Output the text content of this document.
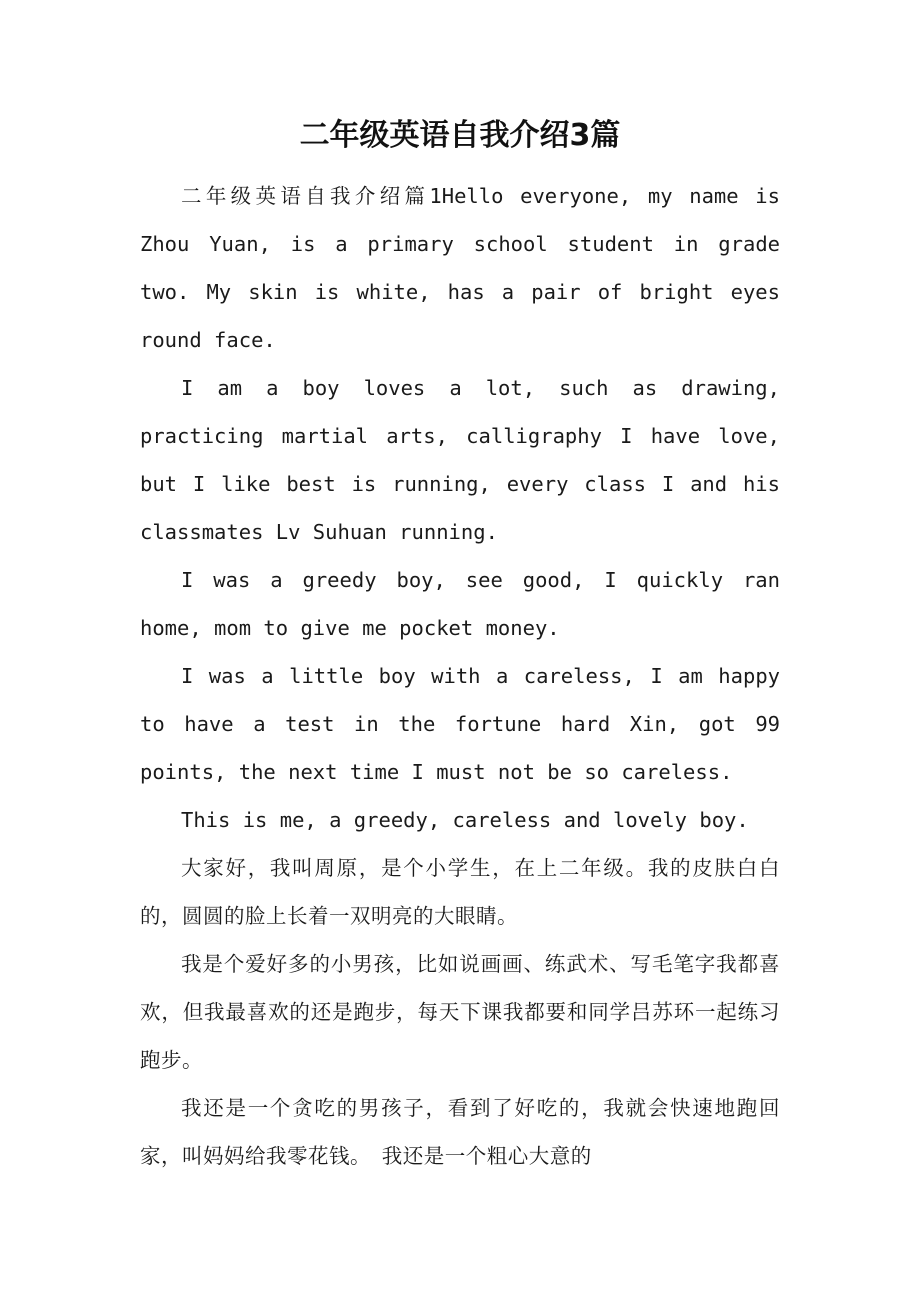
二年级英语自我介绍3篇

二年级英语自我介绍篇1Hello everyone, my name is Zhou Yuan, is a primary school student in grade two. My skin is white, has a pair of bright eyes round face.

I am a boy loves a lot, such as drawing, practicing martial arts, calligraphy I have love, but I like best is running, every class I and his classmates Lv Suhuan running.

I was a greedy boy, see good, I quickly ran home, mom to give me pocket money.

I was a little boy with a careless, I am happy to have a test in the fortune hard Xin, got 99 points, the next time I must not be so careless.

This is me, a greedy, careless and lovely boy.

大家好，我叫周原，是个小学生，在上二年级。我的皮肤白白的，圆圆的脸上长着一双明亮的大眼睛。

我是个爱好多的小男孩，比如说画画、练武术、写毛笔字我都喜欢，但我最喜欢的还是跑步，每天下课我都要和同学吕苏环一起练习跑步。

我还是一个贪吃的男孩子，看到了好吃的，我就会快速地跑回家，叫妈妈给我零花钱。　我还是一个粗心大意的
